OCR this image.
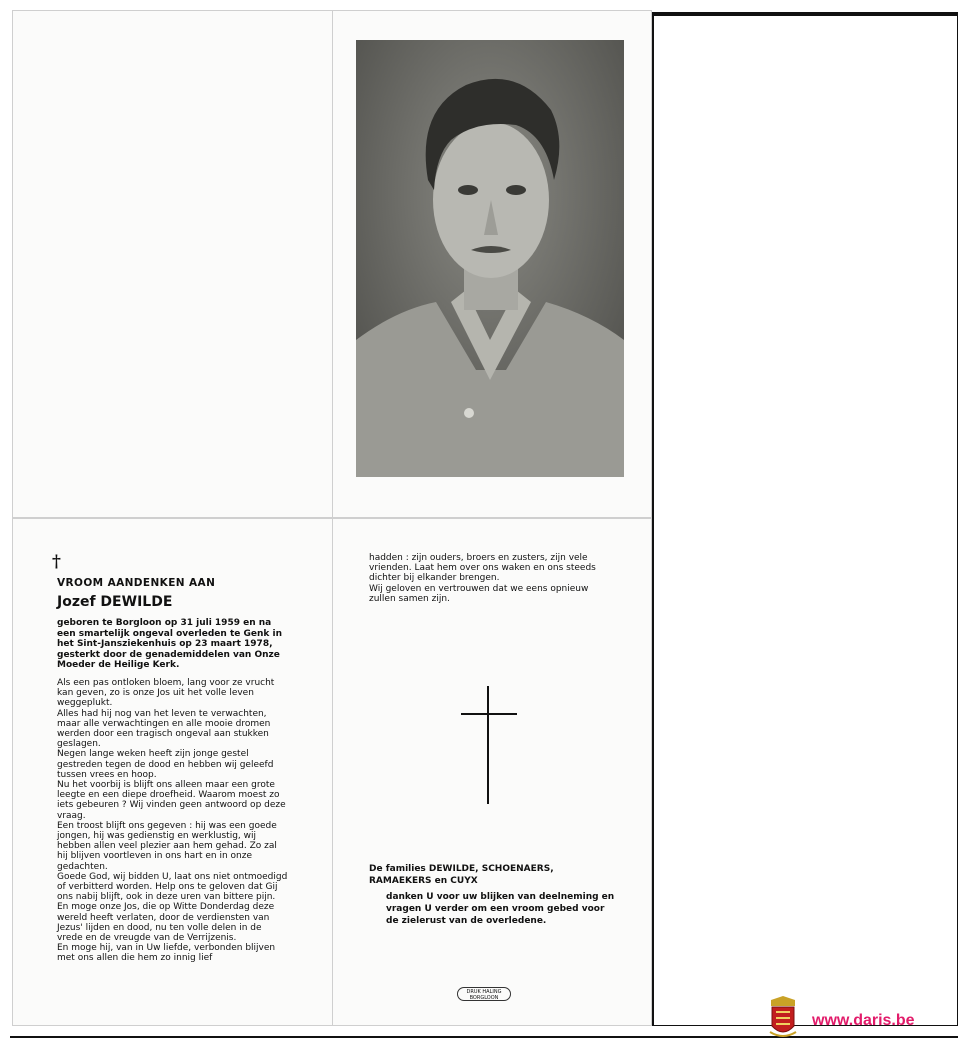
†
VROOM AANDENKEN AAN
Jozef DEWILDE
geboren te Borgloon op 31 juli 1959 en na een smartelijk ongeval overleden te Genk in het Sint-Jansziekenhuis op 23 maart 1978, gesterkt door de genademiddelen van Onze Moeder de Heilige Kerk.

Als een pas ontloken bloem, lang voor ze vrucht kan geven, zo is onze Jos uit het volle leven weggeplukt.

Alles had hij nog van het leven te verwachten, maar alle verwachtingen en alle mooie dromen werden door een tragisch ongeval aan stukken geslagen.

Negen lange weken heeft zijn jonge gestel gestreden tegen de dood en hebben wij geleefd tussen vrees en hoop.

Nu het voorbij is blijft ons alleen maar een grote leegte en een diepe droefheid. Waarom moest zo iets gebeuren ? Wij vinden geen antwoord op deze vraag.

Een troost blijft ons gegeven : hij was een goede jongen, hij was gedienstig en werklustig, wij hebben allen veel plezier aan hem gehad. Zo zal hij blijven voortleven in ons hart en in onze gedachten.

Goede God, wij bidden U, laat ons niet ontmoedigd of verbitterd worden. Help ons te geloven dat Gij ons nabij blijft, ook in deze uren van bittere pijn.

En moge onze Jos, die op Witte Donderdag deze wereld heeft verlaten, door de verdiensten van Jezus' lijden en dood, nu ten volle delen in de vrede en de vreugde van de Verrijzenis.

En moge hij, van in Uw liefde, verbonden blijven met ons allen die hem zo innig lief

hadden : zijn ouders, broers en zusters, zijn vele vrienden. Laat hem over ons waken en ons steeds dichter bij elkander brengen.

Wij geloven en vertrouwen dat we eens opnieuw zullen samen zijn.

De families DEWILDE, SCHOENAERS, RAMAEKERS en CUYX
danken U voor uw blijken van deelneming en vragen U verder om een vroom gebed voor de zielerust van de overledene.
DRUK HALING
BORGLOON
www.daris.be
